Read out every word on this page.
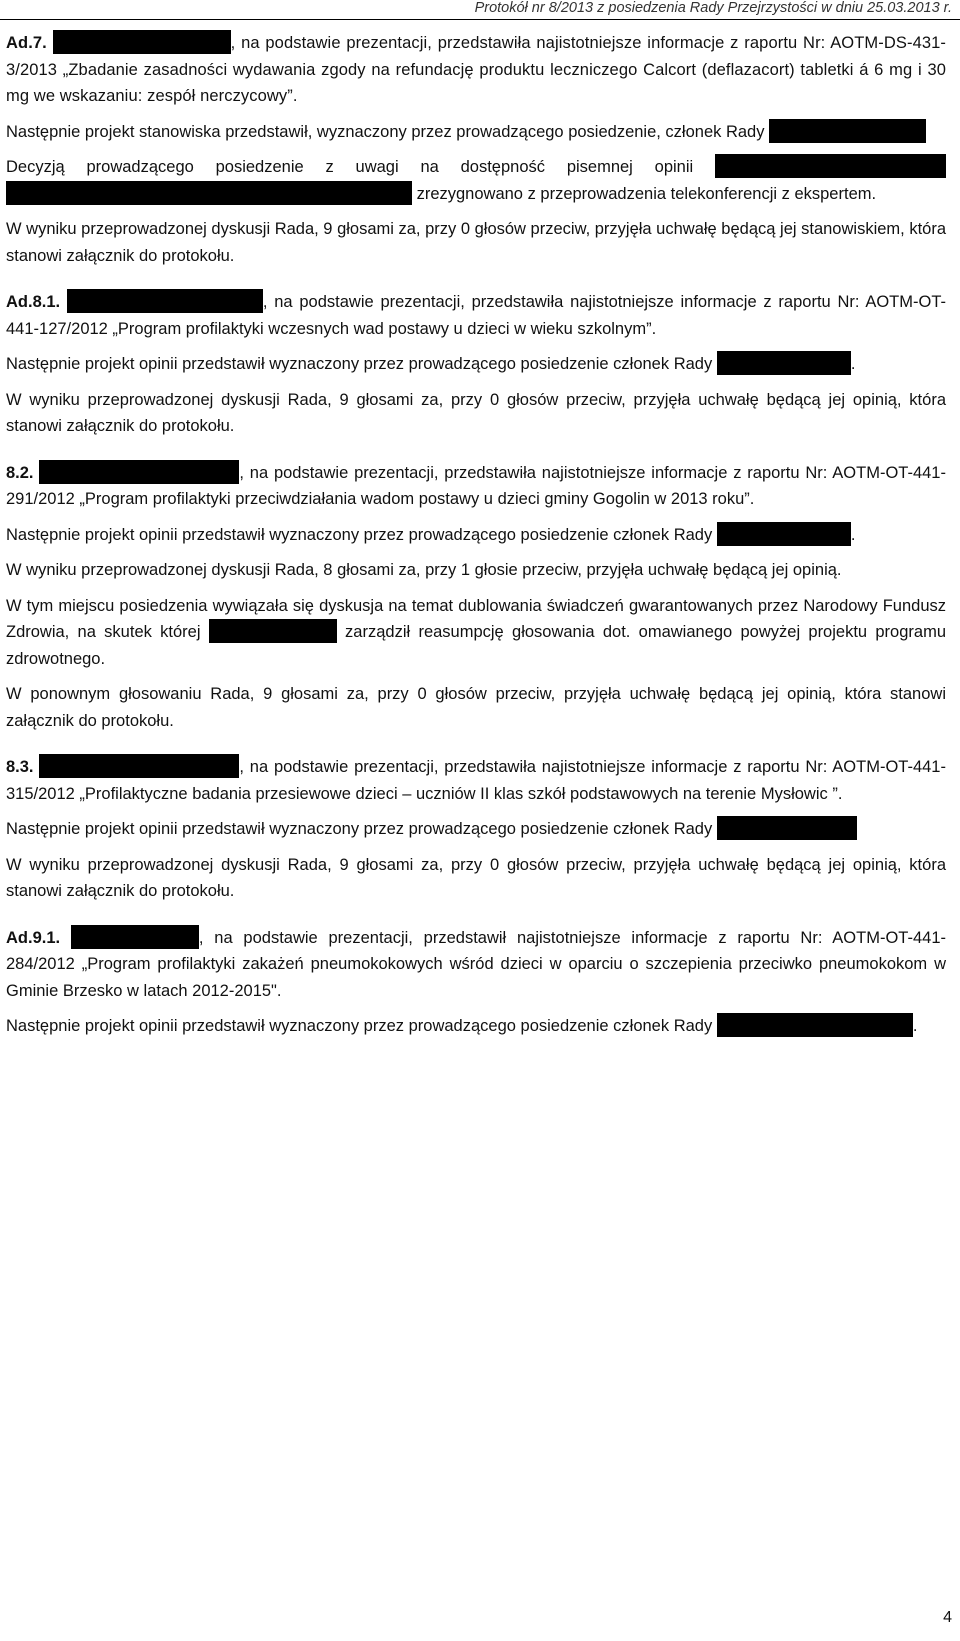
Protokół nr 8/2013 z posiedzenia Rady Przejrzystości w dniu 25.03.2013 r.

Ad.7.	, na podstawie prezentacji, przedstawiła najistotniejsze informacje z raportu Nr: AOTM-DS-431-3/2013 „Zbadanie zasadności wydawania zgody na refundację produktu leczniczego Calcort (deflazacort) tabletki á 6 mg i 30 mg we wskazaniu: zespół nerczycowy”.

Następnie projekt stanowiska przedstawił, wyznaczony przez prowadzącego posiedzenie, członek Rady

Decyzją prowadzącego posiedzenie z uwagi na dostępność pisemnej opinii   zrezygnowano z przeprowadzenia telekonferencji z ekspertem.

W wyniku przeprowadzonej dyskusji Rada, 9 głosami za, przy 0 głosów przeciw, przyjęła uchwałę będącą jej stanowiskiem, która stanowi załącznik do protokołu.

Ad.8.1.	, na podstawie prezentacji, przedstawiła najistotniejsze informacje z raportu Nr: AOTM-OT-441-127/2012 „Program profilaktyki wczesnych wad postawy u dzieci w wieku szkolnym”.

Następnie projekt opinii przedstawił wyznaczony przez prowadzącego posiedzenie członek Rady	.

W wyniku przeprowadzonej dyskusji Rada, 9 głosami za, przy 0 głosów przeciw, przyjęła uchwałę będącą jej opinią, która stanowi załącznik do protokołu.

8.2.	, na podstawie prezentacji, przedstawiła najistotniejsze informacje z raportu Nr: AOTM-OT-441-291/2012 „Program profilaktyki przeciwdziałania wadom postawy u dzieci gminy Gogolin w 2013 roku”.

Następnie projekt opinii przedstawił wyznaczony przez prowadzącego posiedzenie członek Rady	.

W wyniku przeprowadzonej dyskusji Rada, 8 głosami za, przy 1 głosie przeciw, przyjęła uchwałę będącą jej opinią.

W tym miejscu posiedzenia wywiązała się dyskusja na temat dublowania świadczeń gwarantowanych przez Narodowy Fundusz Zdrowia, na skutek której	zarządził reasumpcję głosowania dot. omawianego powyżej projektu programu zdrowotnego.

W ponownym głosowaniu Rada, 9 głosami za, przy 0 głosów przeciw, przyjęła uchwałę będącą jej opinią, która stanowi załącznik do protokołu.

8.3.	, na podstawie prezentacji, przedstawiła najistotniejsze informacje z raportu Nr: AOTM-OT-441-315/2012 „Profilaktyczne badania przesiewowe dzieci – uczniów II klas szkół podstawowych na terenie Mysłowic ”.

Następnie projekt opinii przedstawił wyznaczony przez prowadzącego posiedzenie członek Rady

W wyniku przeprowadzonej dyskusji Rada, 9 głosami za, przy 0 głosów przeciw, przyjęła uchwałę będącą jej opinią, która stanowi załącznik do protokołu.

Ad.9.1.	, na podstawie prezentacji, przedstawił najistotniejsze informacje z raportu Nr: AOTM-OT-441-284/2012 „Program profilaktyki zakażeń pneumokokowych wśród dzieci w oparciu o szczepienia przeciwko pneumokokom w Gminie Brzesko w latach 2012-2015".

Następnie projekt opinii przedstawił wyznaczony przez prowadzącego posiedzenie członek Rady	.

4
